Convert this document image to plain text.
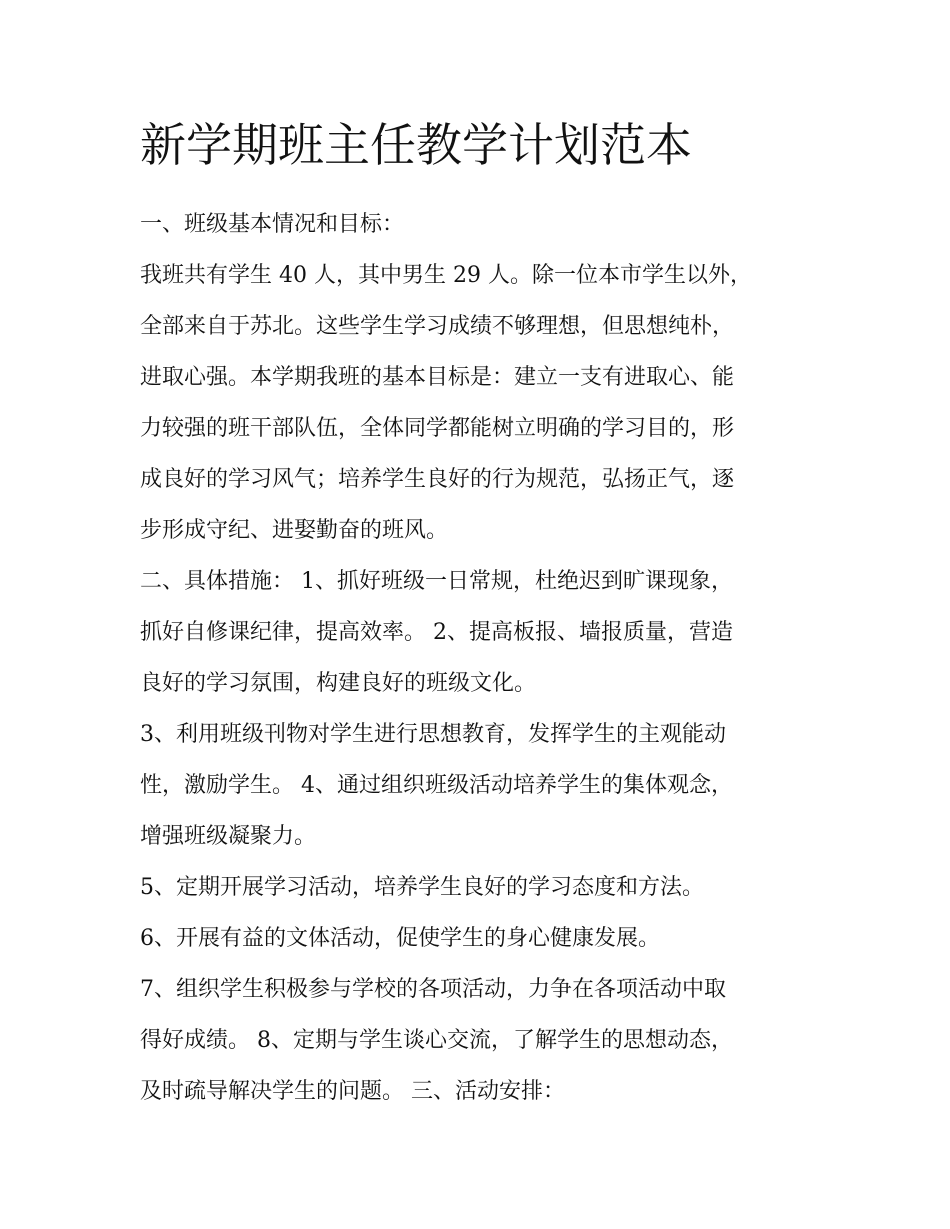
新学期班主任教学计划范本
一、班级基本情况和目标：
我班共有学生 40 人，其中男生 29 人。除一位本市学生以外，
全部来自于苏北。这些学生学习成绩不够理想，但思想纯朴，
进取心强。本学期我班的基本目标是：建立一支有进取心、能
力较强的班干部队伍，全体同学都能树立明确的学习目的，形
成良好的学习风气；培养学生良好的行为规范，弘扬正气，逐
步形成守纪、进娶勤奋的班风。
二、具体措施： 1、抓好班级一日常规，杜绝迟到旷课现象，
抓好自修课纪律，提高效率。 2、提高板报、墙报质量，营造
良好的学习氛围，构建良好的班级文化。
3、利用班级刊物对学生进行思想教育，发挥学生的主观能动
性，激励学生。 4、通过组织班级活动培养学生的集体观念，
增强班级凝聚力。
5、定期开展学习活动，培养学生良好的学习态度和方法。
6、开展有益的文体活动，促使学生的身心健康发展。
7、组织学生积极参与学校的各项活动，力争在各项活动中取
得好成绩。 8、定期与学生谈心交流，了解学生的思想动态，
及时疏导解决学生的问题。 三、活动安排：
